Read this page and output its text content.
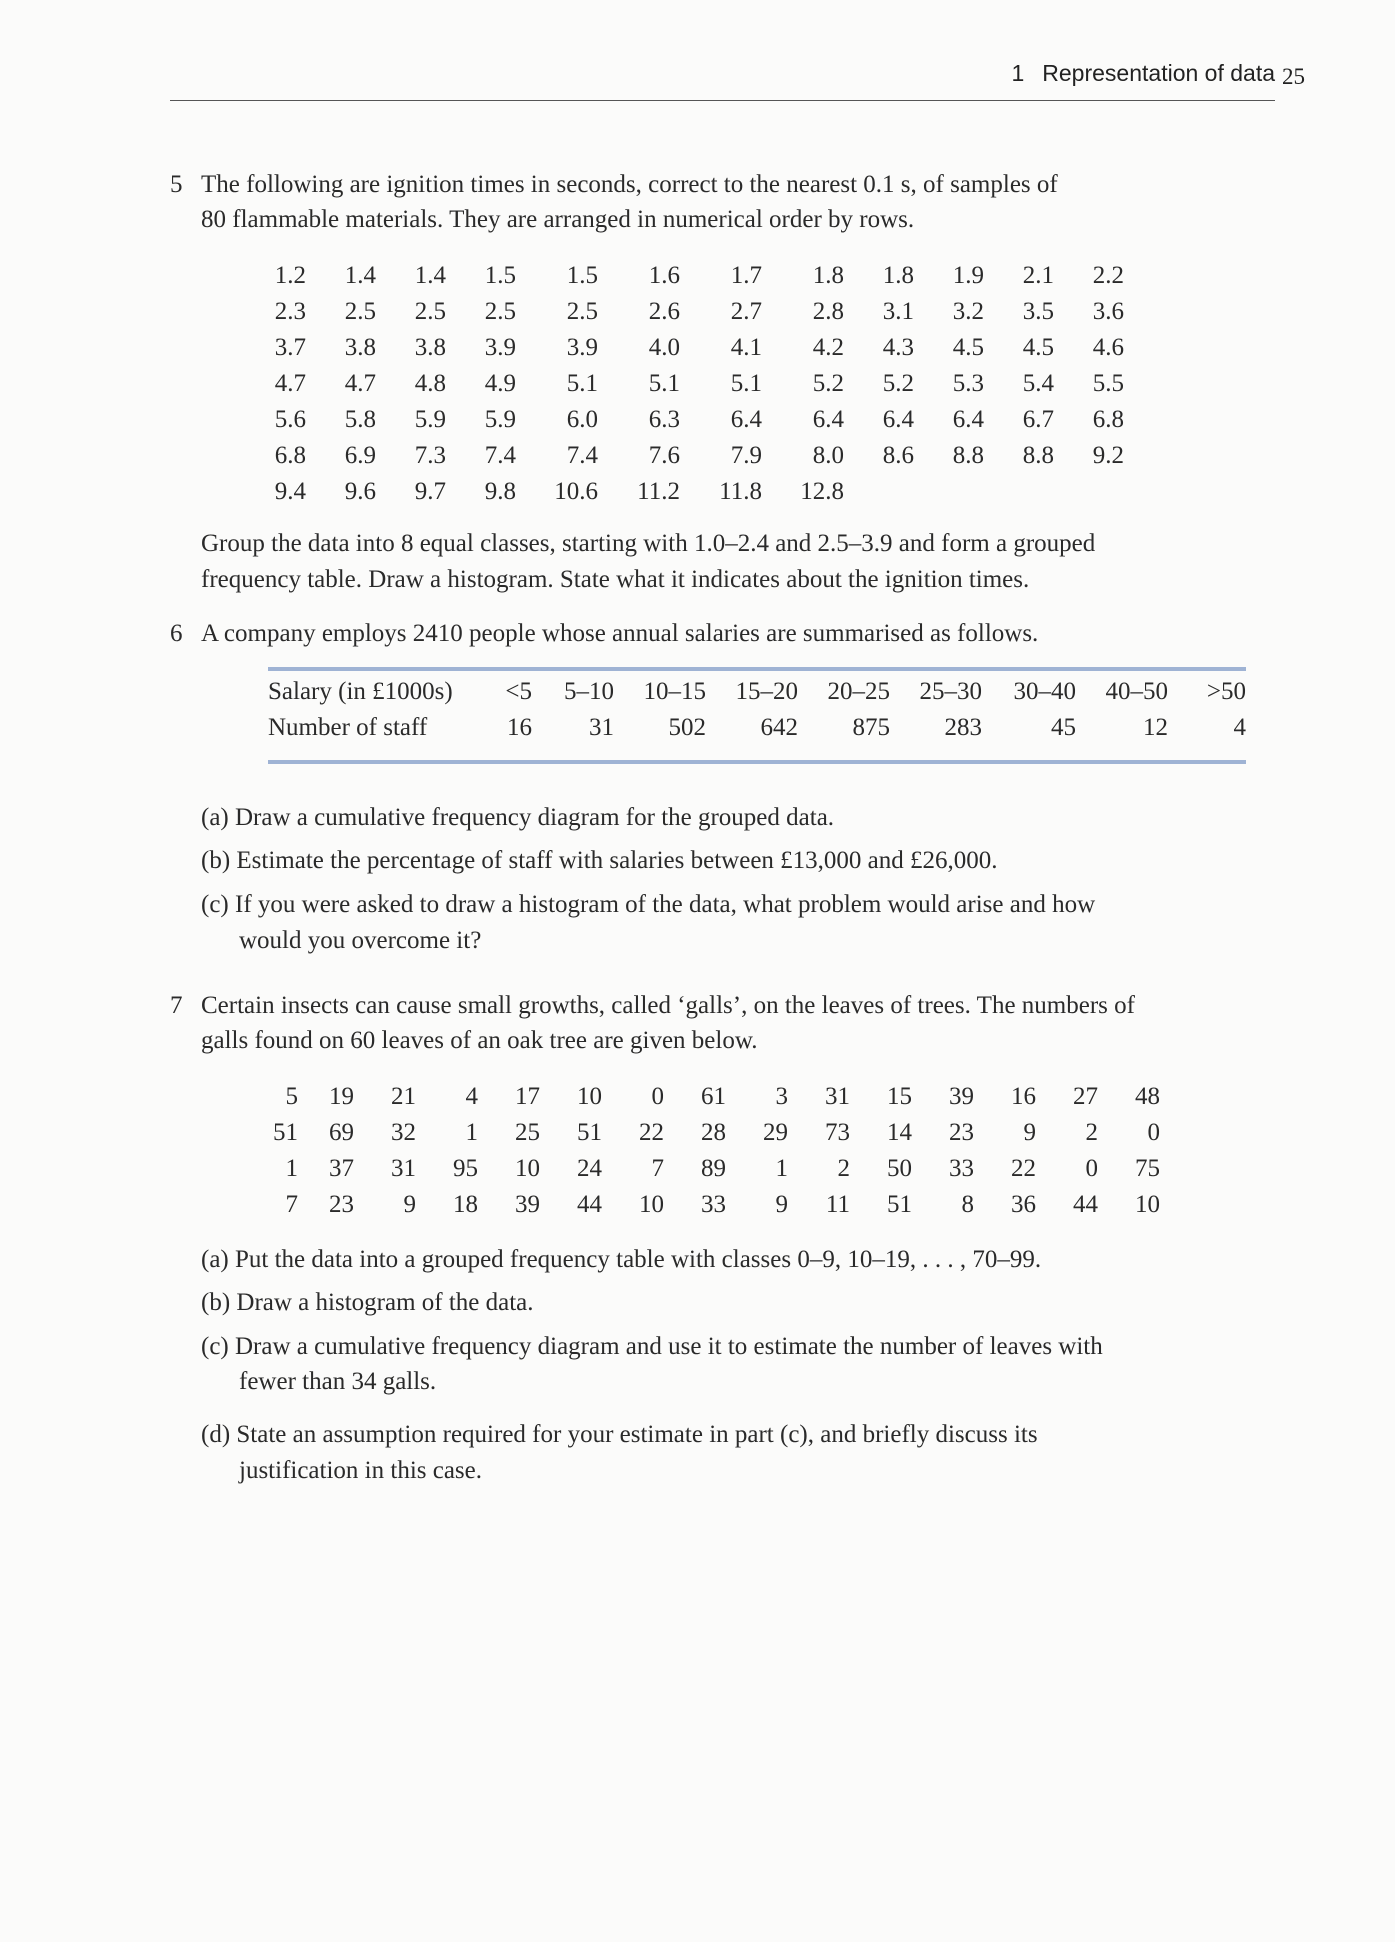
1 Representation of data 25
5 The following are ignition times in seconds, correct to the nearest 0.1 s, of samples of
80 flammable materials. They are arranged in numerical order by rows.
1.2	1.4	1.4	1.5	1.5	1.6	1.7	1.8	1.8	1.9	2.1	2.2
2.3	2.5	2.5	2.5	2.5	2.6	2.7	2.8	3.1	3.2	3.5	3.6
3.7	3.8	3.8	3.9	3.9	4.0	4.1	4.2	4.3	4.5	4.5	4.6
4.7	4.7	4.8	4.9	5.1	5.1	5.1	5.2	5.2	5.3	5.4	5.5
5.6	5.8	5.9	5.9	6.0	6.3	6.4	6.4	6.4	6.4	6.7	6.8
6.8	6.9	7.3	7.4	7.4	7.6	7.9	8.0	8.6	8.8	8.8	9.2
9.4	9.6	9.7	9.8	10.6	11.2	11.8	12.8				
Group the data into 8 equal classes, starting with 1.0–2.4 and 2.5–3.9 and form a grouped
frequency table. Draw a histogram. State what it indicates about the ignition times.
6 A company employs 2410 people whose annual salaries are summarised as follows.
Salary (in £1000s)	<5	5–10	10–15	15–20	20–25	25–30	30–40	40–50	>50
Number of staff	16	31	502	642	875	283	45	12	4
(a) Draw a cumulative frequency diagram for the grouped data.
(b) Estimate the percentage of staff with salaries between £13,000 and £26,000.
(c) If you were asked to draw a histogram of the data, what problem would arise and how
would you overcome it?
7 Certain insects can cause small growths, called ‘galls’, on the leaves of trees. The numbers of
galls found on 60 leaves of an oak tree are given below.
5	19	21	4	17	10	0	61	3	31	15	39	16	27	48
51	69	32	1	25	51	22	28	29	73	14	23	9	2	0
1	37	31	95	10	24	7	89	1	2	50	33	22	0	75
7	23	9	18	39	44	10	33	9	11	51	8	36	44	10
(a) Put the data into a grouped frequency table with classes 0–9, 10–19, . . . , 70–99.
(b) Draw a histogram of the data.
(c) Draw a cumulative frequency diagram and use it to estimate the number of leaves with
fewer than 34 galls.
(d) State an assumption required for your estimate in part (c), and briefly discuss its
justification in this case.
